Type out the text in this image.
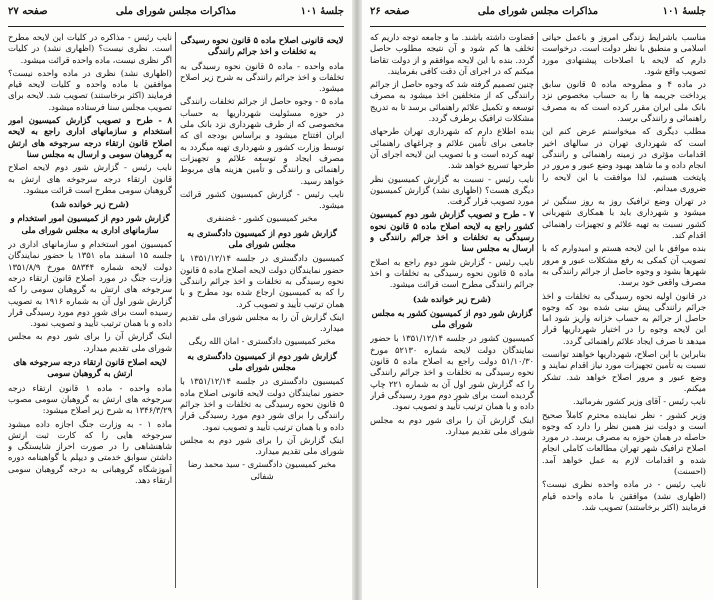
جلسهٔ ۱۰۱
مذاکرات مجلس شورای ملی
صفحه ۲۷

لایحه قانونی اصلاح ماده ۵ قانون نحوه رسیدگی به تخلفات و اخذ جرائم رانندگی

ماده واحده - ماده ۵ قانون نحوه رسیدگی به تخلفات و اخذ جرائم رانندگی به شرح زیر اصلاح میشود.

ماده ۵ - وجوه حاصل از جرائم تخلفات رانندگی در حوزه مسئولیت شهرداریها به حساب مخصوصی که از طرف شهرداری نزد بانک ملی ایران افتتاح میشود و براساس بودجه ای که توسط وزارت کشور و شهرداری تهیه میگردد به مصرف ایجاد و توسعه علائم و تجهیزات راهنمائی و رانندگی و تأمین هزینه های مربوط خواهد رسید.

نایب رئیس - گزارش کمیسیون کشور قرائت میشود.

مخبر کمیسیون کشور - غضنفری

گزارش شور دوم از کمیسیون دادگستری به مجلس شورای ملی

کمیسیون دادگستری در جلسه ۱۳۵۱/۱۲/۱۴ با حضور نمایندگان دولت لایحه اصلاح ماده ۵ قانون نحوه رسیدگی به تخلفات و اخذ جرائم رانندگی را که به کمیسیون ارجاع شده بود مطرح و با همان ترتیب تأیید و تصویب کرد.

اینک گزارش آن را به مجلس شورای ملی تقدیم میدارد.

مخبر کمیسیون دادگستری - امان الله ریگی

گزارش شور دوم از کمیسیون دادگستری به مجلس شورای ملی

کمیسیون دادگستری در جلسه ۱۳۵۱/۱۲/۱۴ با حضور نمایندگان دولت لایحه قانونی اصلاح ماده ۵ قانون نحوه رسیدگی به تخلفات و اخذ جرائم رانندگی را برای شور دوم مورد رسیدگی قرار داده و با همان ترتیب تأیید و تصویب نمود.

اینک گزارش آن را برای شور دوم به مجلس شورای ملی تقدیم میدارد.

مخبر کمیسیون دادگستری - سید محمد رضا شفائی

نایب رئیس - مذاکره در کلیات این لایحه مطرح است. نظری نیست؟ (اظهاری نشد) در کلیات اگر نظری نیست، ماده واحده قرائت میشود.

(اظهاری نشد) نظری در ماده واحده نیست؟ موافقین با ماده واحده و کلیات لایحه قیام فرمایند (اکثر برخاستند) تصویب شد. لایحه برای تصویب مجلس سنا فرستاده میشود.

۸ - طرح و تصویب گزارش کمیسیون امور استخدام و سازمانهای اداری راجع به لایحه اصلاح قانون ارتقاء درجه سرجوخه های ارتش به گروهبان سومی و ارسال به مجلس سنا

نایب رئیس - گزارش شور دوم لایحه اصلاح قانون ارتقاء درجه سرجوخه های ارتش به گروهبان سومی مطرح است قرائت میشود.

(شرح زیر خوانده شد)

گزارش شور دوم از کمیسیون امور استخدام و سازمانهای اداری به مجلس شورای ملی

کمیسیون امور استخدام و سازمانهای اداری در جلسه ۱۵ اسفند ماه ۱۳۵۱ با حضور نمایندگان دولت لایحه شماره ۵۸۳۴۴ مورخ ۱۳۵۱/۸/۹ وزارت جنگ در مورد اصلاح قانون ارتقاء درجه سرجوخه های ارتش به گروهبان سومی را که گزارش شور اول آن به شماره ۱۹۱۶ به تصویب رسیده است برای شور دوم مورد رسیدگی قرار داده و با همان ترتیب تأیید و تصویب نمود.

اینک گزارش آن را برای شور دوم به مجلس شورای ملی تقدیم میدارد.

لایحه اصلاح قانون ارتقاء درجه سرجوخه های ارتش به گروهبان سومی

ماده واحده - ماده ۱ قانون ارتقاء درجه سرجوخه های ارتش به گروهبان سومی مصوب ۱۳۴۶/۳/۲۹ به شرح زیر اصلاح میشود:

ماده ۱ - به وزارت جنگ اجازه داده میشود سرجوخه هایی را که کارت ثبت ارتش شاهنشاهی را در صورت احراز شایستگی و داشتن سوابق خدمتی و دیپلم یا گواهینامه دوره آموزشگاه گروهبانی به درجه گروهبان سومی ارتقاء دهد.

جلسهٔ ۱۰۱
مذاکرات مجلس شورای ملی
صفحه ۲۶

مناسب باشرایط زندگی امروز و باعمل حیاتی اسلامی و منطبق با نظر دولت است. درخواست دارم که لایحه با اصلاحات پیشنهادی مورد تصویب واقع شود.

در ماده ۴ و مطروحه ماده ۵ قانون سابق پرداخت جریمه ها را به حساب مخصوص نزد بانک ملی ایران مقرر کرده است که به مصرف راهنمائی و رانندگی برسد.

مطلب دیگری که میخواستم عرض کنم این است که شهرداری تهران در سالهای اخیر اقدامات مؤثری در زمینه راهنمائی و رانندگی انجام داده و ما شاهد بهبود وضع عبور و مرور در پایتخت هستیم، لذا موافقت با این لایحه را ضروری میدانم.

در تهران وضع ترافیک روز به روز سنگین تر میشود و شهرداری باید با همکاری شهربانی کشور نسبت به تهیه علائم و تجهیزات راهنمائی اقدام کند.

بنده موافق با این لایحه هستم و امیدوارم که با تصویب آن کمکی به رفع مشکلات عبور و مرور شهرها بشود و وجوه حاصل از جرائم رانندگی به مصرف واقعی خود برسد.

در قانون اولیه نحوه رسیدگی به تخلفات و اخذ جرائم رانندگی پیش بینی شده بود که وجوه حاصل از جرائم به حساب خزانه واریز شود اما این لایحه وجوه را در اختیار شهرداریها قرار میدهد تا صرف ایجاد علائم راهنمائی گردد.

بنابراین با این اصلاح، شهرداریها خواهند توانست نسبت به تأمین تجهیزات مورد نیاز اقدام نمایند و وضع عبور و مرور اصلاح خواهد شد. تشکر میکنم.

نایب رئیس - آقای وزیر کشور بفرمائید.

وزیر کشور - نظر نماینده محترم کاملاً صحیح است و دولت نیز همین نظر را دارد که وجوه حاصله در همان حوزه به مصرف برسد. در مورد اصلاح ترافیک شهر تهران مطالعات کاملی انجام شده و اقدامات لازم به عمل خواهد آمد. (احسنت)

نایب رئیس - در ماده واحده نظری نیست؟ (اظهاری نشد) موافقین با ماده واحده قیام فرمایند (اکثر برخاستند) تصویب شد.

قضاوت داشته باشند. ما و جامعه توجه داریم که تخلف ها کم شود و آن نتیجه مطلوب حاصل گردد. بنده با این لایحه موافقم و از دولت تقاضا میکنم که در اجرای آن دقت کافی بفرمایند.

چنین تصمیم گرفته شد که وجوه حاصل از جرائم رانندگی که از متخلفین اخذ میشود به مصرف توسعه و تکمیل علائم راهنمائی برسد تا به تدریج مشکلات ترافیک برطرف گردد.

بنده اطلاع دارم که شهرداری تهران طرحهای جامعی برای تأمین علائم و چراغهای راهنمائی تهیه کرده است و با تصویب این لایحه اجرای آن طرحها تسریع خواهد شد.

نایب رئیس - نسبت به گزارش کمیسیون نظر دیگری هست؟ (اظهاری نشد) گزارش کمیسیون مورد تصویب قرار گرفت.

۷ - طرح و تصویب گزارش شور دوم کمیسیون کشور راجع به لایحه اصلاح ماده ۵ قانون نحوه رسیدگی به تخلفات و اخذ جرائم رانندگی و ارسال به مجلس سنا

نایب رئیس - گزارش شور دوم راجع به اصلاح ماده ۵ قانون نحوه رسیدگی به تخلفات و اخذ جرائم رانندگی مطرح است قرائت میشود.

(شرح زیر خوانده شد)

گزارش شور دوم از کمیسیون کشور به مجلس شورای ملی

کمیسیون کشور در جلسه ۱۳۵۱/۱۲/۱۴ با حضور نمایندگان دولت لایحه شماره ۵۲۱۳۰ مورخ ۵۱/۱۰/۳۰ دولت راجع به اصلاح ماده ۵ قانون نحوه رسیدگی به تخلفات و اخذ جرائم رانندگی را که گزارش شور اول آن به شماره ۲۲۱ چاپ گردیده است برای شور دوم مورد رسیدگی قرار داده و با همان ترتیب تأیید و تصویب نمود.

اینک گزارش آن را برای شور دوم به مجلس شورای ملی تقدیم میدارد.
